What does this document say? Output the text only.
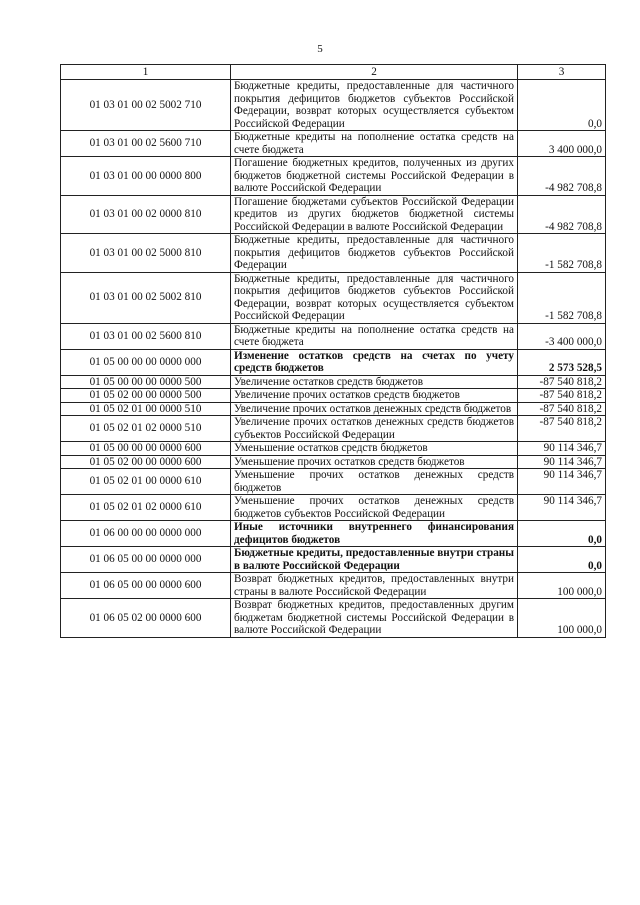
5
1	2	3
01 03 01 00 02 5002 710	Бюджетные кредиты, предоставленные для частичного покрытия дефицитов бюджетов субъектов Российской Федерации, возврат которых осуществляется субъектом Российской Федерации	0,0
01 03 01 00 02 5600 710	Бюджетные кредиты на пополнение остатка средств на счете бюджета	3 400 000,0
01 03 01 00 00 0000 800	Погашение бюджетных кредитов, полученных из других бюджетов бюджетной системы Российской Федерации в валюте Российской Федерации	-4 982 708,8
01 03 01 00 02 0000 810	Погашение бюджетами субъектов Российской Федерации кредитов из других бюджетов бюджетной системы Российской Федерации в валюте Российской Федерации	-4 982 708,8
01 03 01 00 02 5000 810	Бюджетные кредиты, предоставленные для частичного покрытия дефицитов бюджетов субъектов Российской Федерации	-1 582 708,8
01 03 01 00 02 5002 810	Бюджетные кредиты, предоставленные для частичного покрытия дефицитов бюджетов субъектов Российской Федерации, возврат которых осуществляется субъектом Российской Федерации	-1 582 708,8
01 03 01 00 02 5600 810	Бюджетные кредиты на пополнение остатка средств на счете бюджета	-3 400 000,0
01 05 00 00 00 0000 000	Изменение остатков средств на счетах по учету средств бюджетов	2 573 528,5
01 05 00 00 00 0000 500	Увеличение остатков средств бюджетов	-87 540 818,2
01 05 02 00 00 0000 500	Увеличение прочих остатков средств бюджетов	-87 540 818,2
01 05 02 01 00 0000 510	Увеличение прочих остатков денежных средств бюджетов	-87 540 818,2
01 05 02 01 02 0000 510	Увеличение прочих остатков денежных средств бюджетов субъектов Российской Федерации	-87 540 818,2
01 05 00 00 00 0000 600	Уменьшение остатков средств бюджетов	90 114 346,7
01 05 02 00 00 0000 600	Уменьшение прочих остатков средств бюджетов	90 114 346,7
01 05 02 01 00 0000 610	Уменьшение прочих остатков денежных средств бюджетов	90 114 346,7
01 05 02 01 02 0000 610	Уменьшение прочих остатков денежных средств бюджетов субъектов Российской Федерации	90 114 346,7
01 06 00 00 00 0000 000	Иные источники внутреннего финансирования дефицитов бюджетов	0,0
01 06 05 00 00 0000 000	Бюджетные кредиты, предоставленные внутри страны в валюте Российской Федерации	0,0
01 06 05 00 00 0000 600	Возврат бюджетных кредитов, предоставленных внутри страны в валюте Российской Федерации	100 000,0
01 06 05 02 00 0000 600	Возврат бюджетных кредитов, предоставленных другим бюджетам бюджетной системы Российской Федерации в валюте Российской Федерации	100 000,0
